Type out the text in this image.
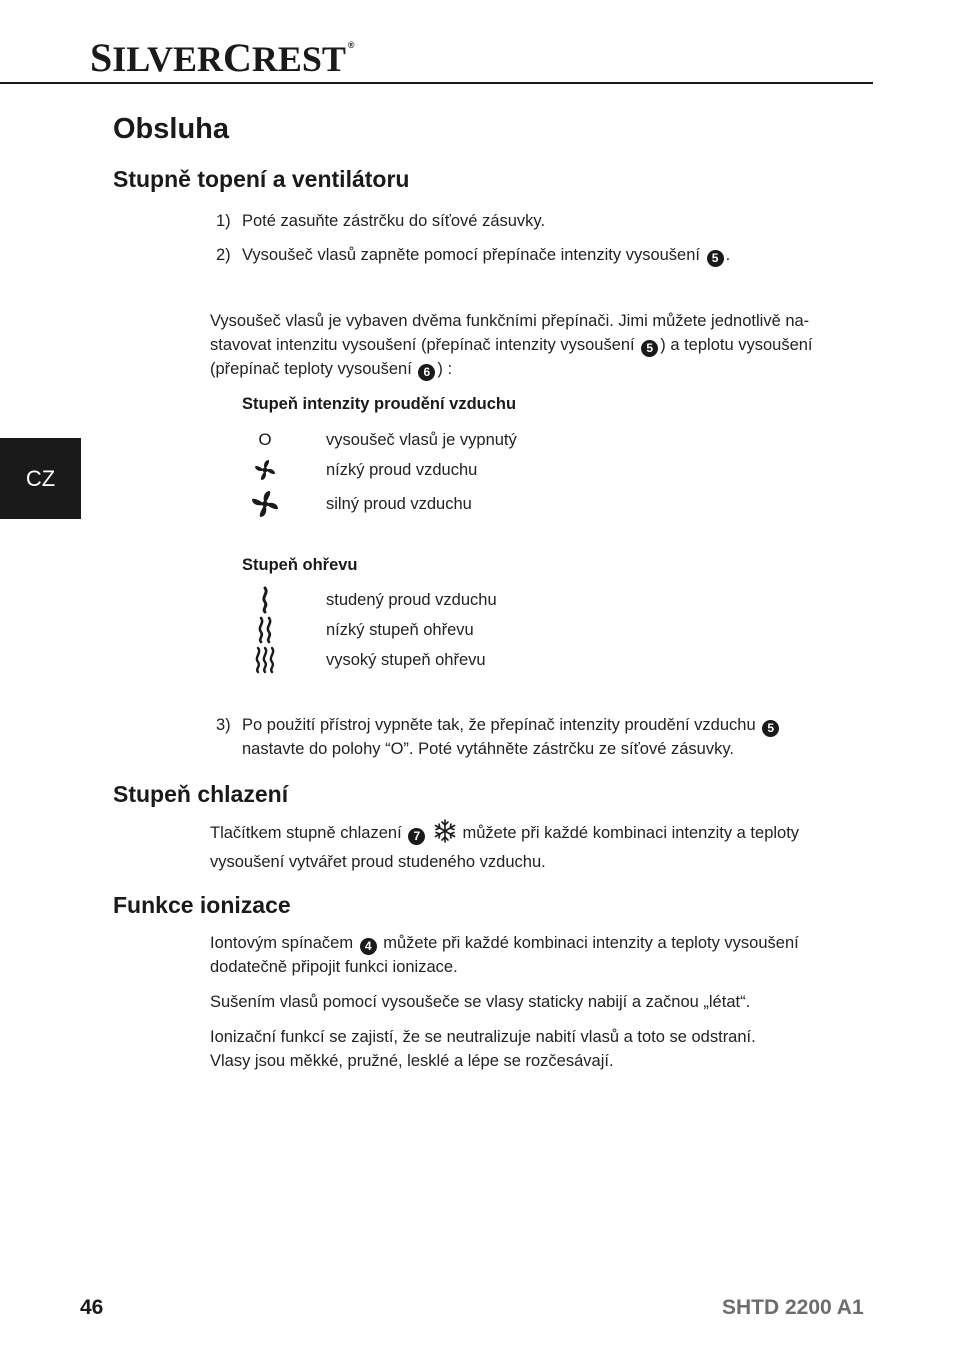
SILVERCREST ®
CZ
Obsluha
Stupně topení a ventilátoru
1) Poté zasuňte zástrčku do síťové zásuvky.
2) Vysoušeč vlasů zapněte pomocí přepínače intenzity vysoušení 5 .
Vysoušeč vlasů je vybaven dvěma funkčními přepínači. Jimi můžete jednotlivě na-
stavovat intenzitu vysoušení (přepínač intenzity vysoušení 5 ) a teplotu vysoušení
(přepínač teploty vysoušení 6 ) :
Stupeň intenzity proudění vzduchu
O	vysoušeč vlasů je vypnutý
nízký proud vzduchu
silný proud vzduchu
Stupeň ohřevu
studený proud vzduchu
nízký stupeň ohřevu
vysoký stupeň ohřevu
3) Po použití přístroj vypněte tak, že přepínač intenzity proudění vzduchu 5
nastavte do polohy “O”. Poté vytáhněte zástrčku ze síťové zásuvky.
Stupeň chlazení
Tlačítkem stupně chlazení 7	můžete při každé kombinaci intenzity a teploty
vysoušení vytvářet proud studeného vzduchu.
Funkce ionizace
Iontovým spínačem 4 můžete při každé kombinaci intenzity a teploty vysoušení
dodatečně připojit funkci ionizace.
Sušením vlasů pomocí vysoušeče se vlasy staticky nabijí a začnou „létat“.
Ionizační funkcí se zajistí, že se neutralizuje nabití vlasů a toto se odstraní.
Vlasy jsou měkké, pružné, lesklé a lépe se rozčesávají.
46	SHTD 2200 A1
